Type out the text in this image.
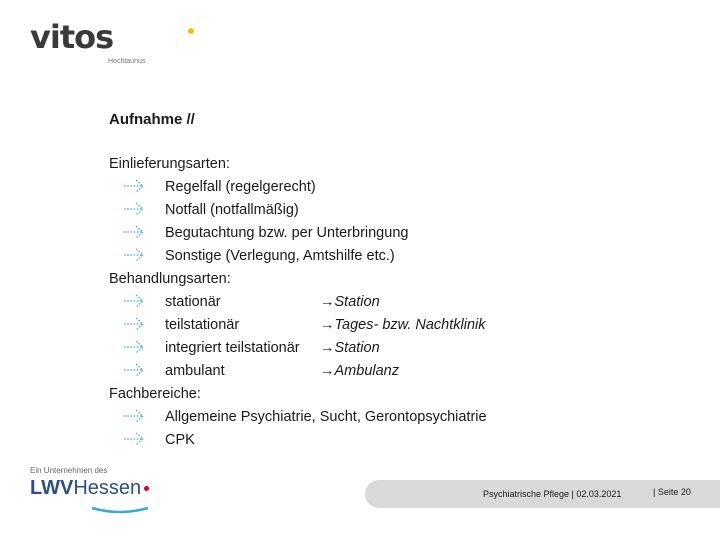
vitos
Hochtaunus
Aufnahme //
Einlieferungsarten:
Regelfall (regelgerecht)
Notfall (notfallmäßig)
Begutachtung bzw. per Unterbringung
Sonstige (Verlegung, Amtshilfe etc.)
Behandlungsarten:
stationär	→Station
teilstationär	→Tages- bzw. Nachtklinik
integriert teilstationär →Station
ambulant	→Ambulanz
Fachbereiche:
Allgemeine Psychiatrie, Sucht, Gerontopsychiatrie
CPK
Ein Unternehmen des
LWVHessen	Psychiatrische Pflege | 02.03.2021	| Seite 20
